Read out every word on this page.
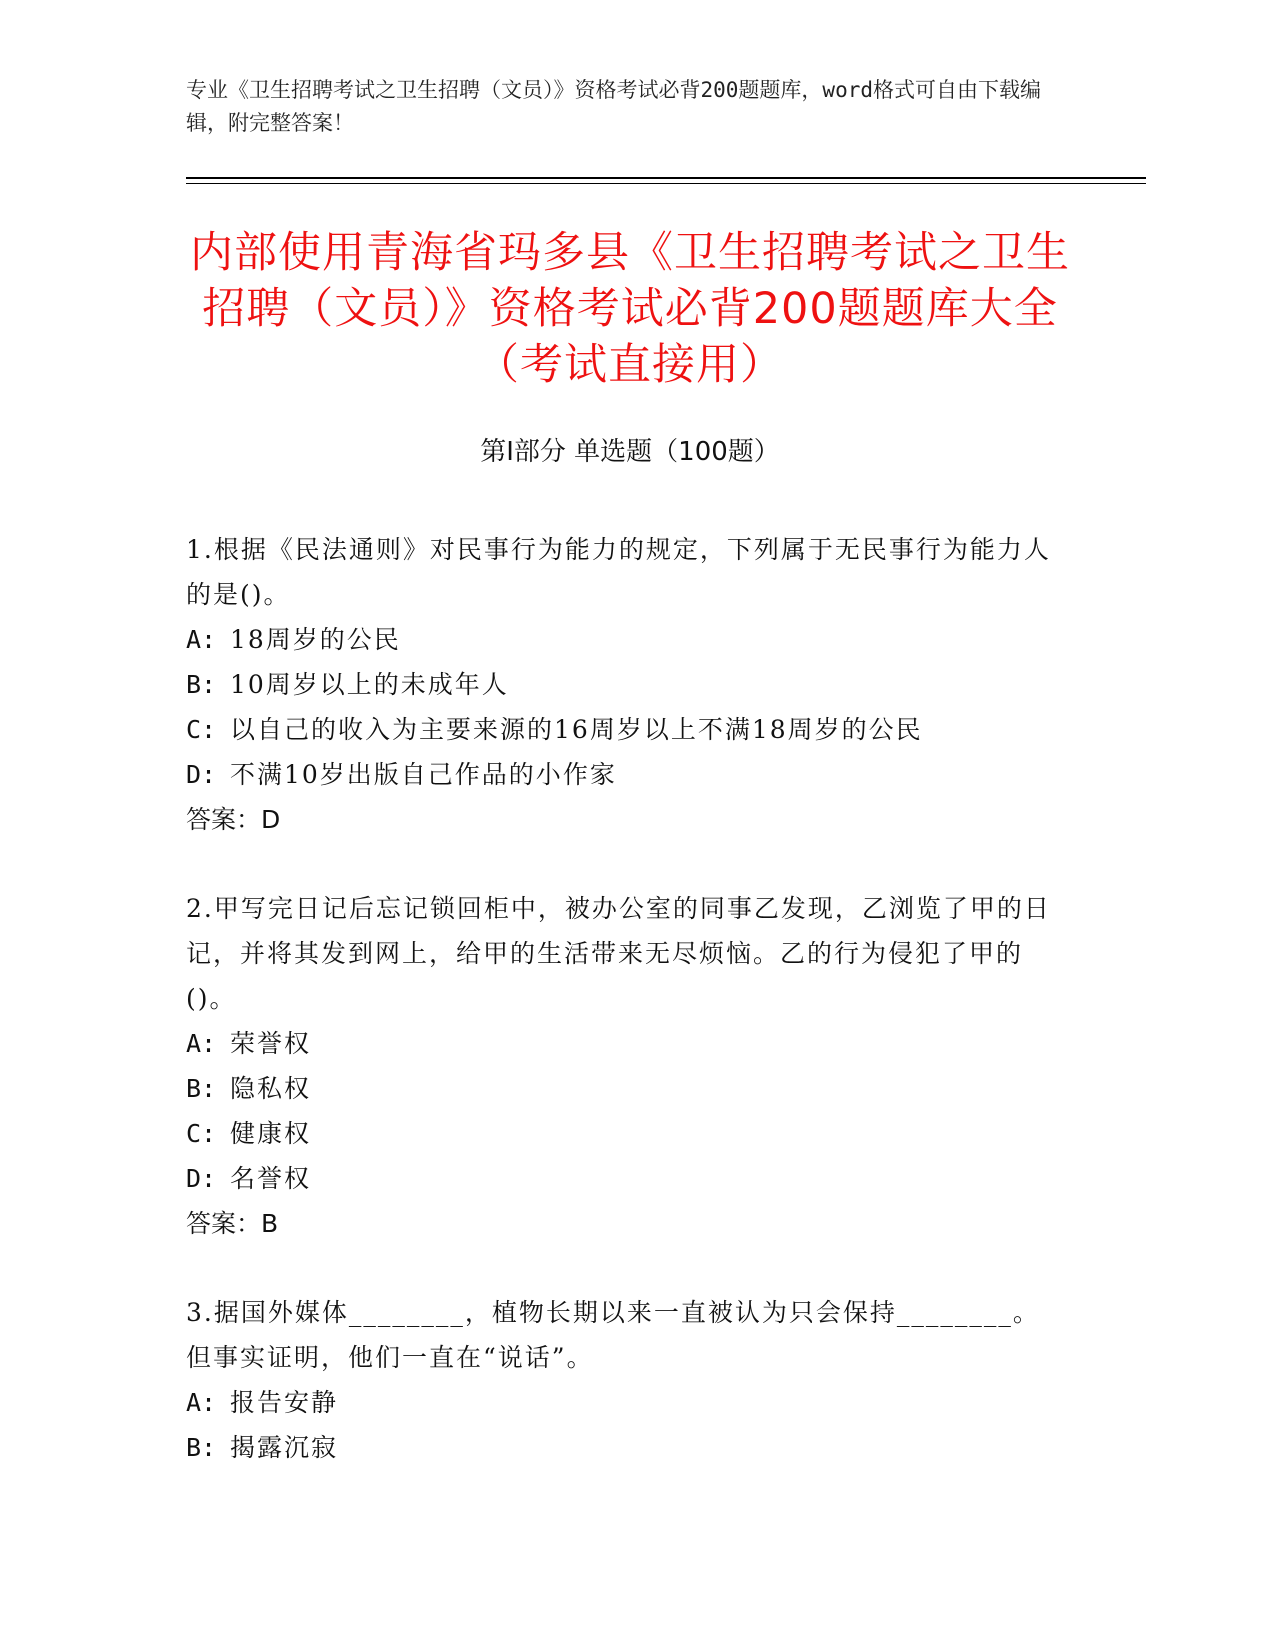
专业《卫生招聘考试之卫生招聘（文员）》资格考试必背200题题库，word格式可自由下载编辑，附完整答案！
内部使用青海省玛多县《卫生招聘考试之卫生招聘（文员）》资格考试必背200题题库大全（考试直接用）
第Ⅰ部分 单选题（100题）
1.根据《民法通则》对民事行为能力的规定，下列属于无民事行为能力人的是()。
A: 18周岁的公民
B: 10周岁以上的未成年人
C: 以自己的收入为主要来源的16周岁以上不满18周岁的公民
D: 不满10岁出版自己作品的小作家
答案：D
2.甲写完日记后忘记锁回柜中，被办公室的同事乙发现，乙浏览了甲的日记，并将其发到网上，给甲的生活带来无尽烦恼。乙的行为侵犯了甲的()。
A: 荣誉权
B: 隐私权
C: 健康权
D: 名誉权
答案：B
3.据国外媒体________，植物长期以来一直被认为只会保持________。但事实证明，他们一直在“说话”。
A: 报告安静
B: 揭露沉寂
